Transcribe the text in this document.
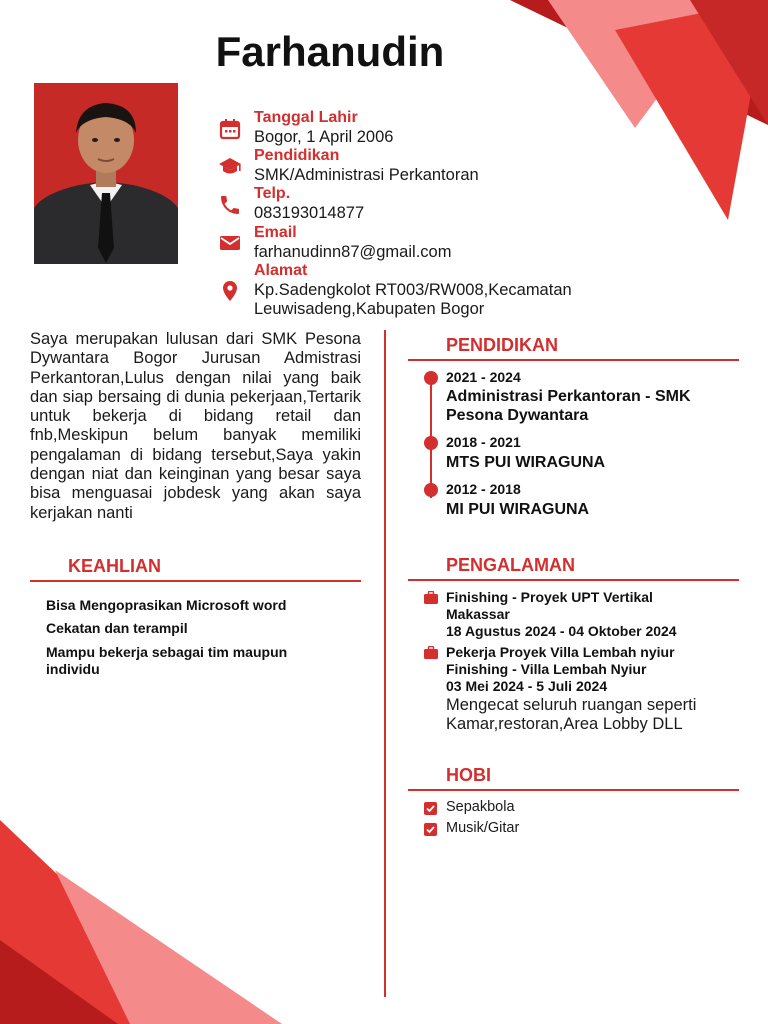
Farhanudin
Tanggal Lahir
Bogor, 1 April 2006
Pendidikan
SMK/Administrasi Perkantoran
Telp.
083193014877
Email
farhanudinn87@gmail.com
Alamat
Kp.Sadengkolot RT003/RW008,Kecamatan
Leuwisadeng,Kabupaten Bogor
Saya merupakan lulusan dari SMK Pesona Dywantara Bogor Jurusan Admistrasi Perkantoran,Lulus dengan nilai yang baik dan siap bersaing di dunia pekerjaan,Tertarik untuk bekerja di bidang retail dan fnb,Meskipun belum banyak memiliki pengalaman di bidang tersebut,Saya yakin dengan niat dan keinginan yang besar saya bisa menguasai jobdesk yang akan saya kerjakan nanti
KEAHLIAN
Bisa Mengoprasikan Microsoft word
Cekatan dan terampil
Mampu bekerja sebagai tim maupun individu
PENDIDIKAN
2021 - 2024
Administrasi Perkantoran - SMK Pesona Dywantara
2018 - 2021
MTS PUI WIRAGUNA
2012 - 2018
MI PUI WIRAGUNA
PENGALAMAN
Finishing - Proyek UPT Vertikal
Makassar
18 Agustus 2024 - 04 Oktober 2024
Pekerja Proyek Villa Lembah nyiur
Finishing - Villa Lembah Nyiur
03 Mei 2024 - 5 Juli 2024
Mengecat seluruh ruangan seperti Kamar,restoran,Area Lobby DLL
HOBI
Sepakbola
Musik/Gitar
